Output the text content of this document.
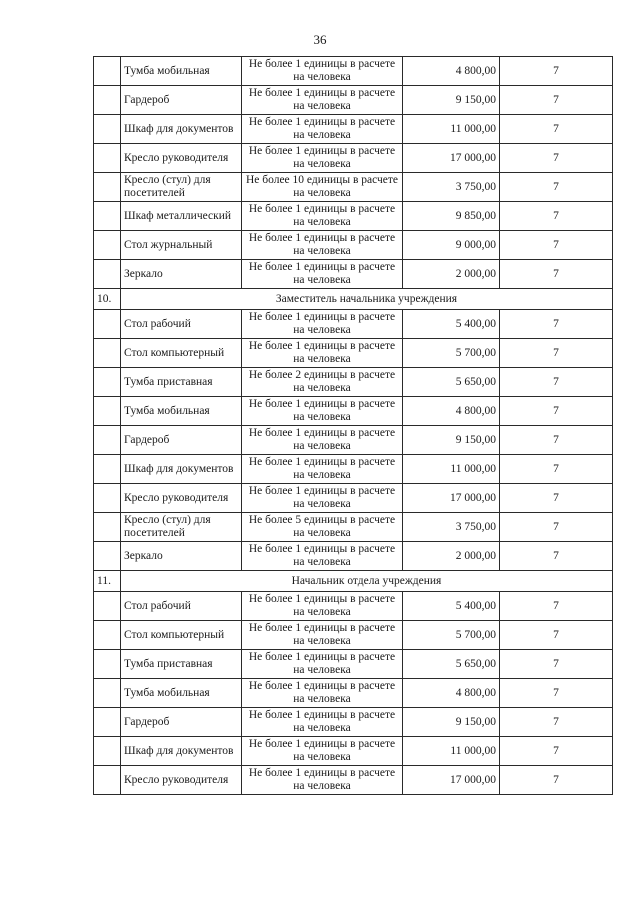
36
	Тумба мобильная	Не более 1 единицы в расчете на человека	4 800,00	7
	Гардероб	Не более 1 единицы в расчете на человека	9 150,00	7
	Шкаф для документов	Не более 1 единицы в расчете на человека	11 000,00	7
	Кресло руководителя	Не более 1 единицы в расчете на человека	17 000,00	7
	Кресло (стул) для посетителей	Не более 10 единицы в расчете на человека	3 750,00	7
	Шкаф металлический	Не более 1 единицы в расчете на человека	9 850,00	7
	Стол журнальный	Не более 1 единицы в расчете на человека	9 000,00	7
	Зеркало	Не более 1 единицы в расчете на человека	2 000,00	7
10.	Заместитель начальника учреждения			
	Стол рабочий	Не более 1 единицы в расчете на человека	5 400,00	7
	Стол компьютерный	Не более 1 единицы в расчете на человека	5 700,00	7
	Тумба приставная	Не более 2 единицы в расчете на человека	5 650,00	7
	Тумба мобильная	Не более 1 единицы в расчете на человека	4 800,00	7
	Гардероб	Не более 1 единицы в расчете на человека	9 150,00	7
	Шкаф для документов	Не более 1 единицы в расчете на человека	11 000,00	7
	Кресло руководителя	Не более 1 единицы в расчете на человека	17 000,00	7
	Кресло (стул) для посетителей	Не более 5 единицы в расчете на человека	3 750,00	7
	Зеркало	Не более 1 единицы в расчете на человека	2 000,00	7
11.	Начальник отдела учреждения			
	Стол рабочий	Не более 1 единицы в расчете на человека	5 400,00	7
	Стол компьютерный	Не более 1 единицы в расчете на человека	5 700,00	7
	Тумба приставная	Не более 1 единицы в расчете на человека	5 650,00	7
	Тумба мобильная	Не более 1 единицы в расчете на человека	4 800,00	7
	Гардероб	Не более 1 единицы в расчете на человека	9 150,00	7
	Шкаф для документов	Не более 1 единицы в расчете на человека	11 000,00	7
	Кресло руководителя	Не более 1 единицы в расчете на человека	17 000,00	7
